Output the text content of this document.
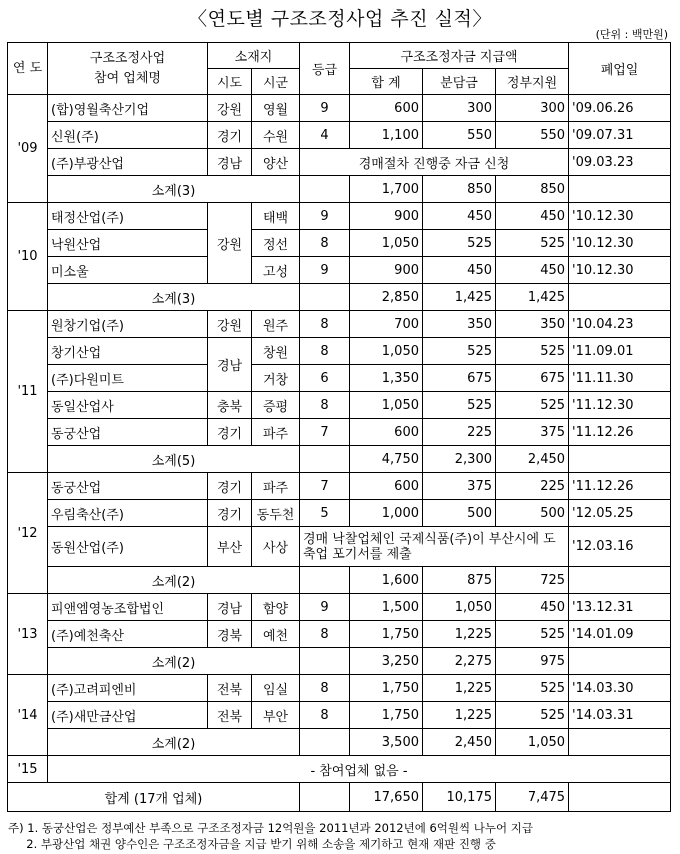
〈연도별 구조조정사업 추진 실적〉
(단위 : 백만원)
연 도	구조조정사업
참여 업체명	소재지		등급	구조조정자금 지급액			폐업일
		시도	시군		합 계	분담금	정부지원	
'09	(합)영월축산기업	강원	영월	9	600	300	300	'09.06.26
	신원(주)	경기	수원	4	1,100	550	550	'09.07.31
	(주)부광산업	경남	양산	경매절차 진행중 자금 신청				'09.03.23
	소계(3)				1,700	850	850	
'10	태정산업(주)	강원	태백	9	900	450	450	'10.12.30
	낙원산업		정선	8	1,050	525	525	'10.12.30
	미소울		고성	9	900	450	450	'10.12.30
	소계(3)				2,850	1,425	1,425	
'11	원창기업(주)	강원	원주	8	700	350	350	'10.04.23
	창기산업	경남	창원	8	1,050	525	525	'11.09.01
	(주)다원미트		거창	6	1,350	675	675	'11.11.30
	동일산업사	충북	증평	8	1,050	525	525	'11.12.30
	동궁산업	경기	파주	7	600	225	375	'11.12.26
	소계(5)				4,750	2,300	2,450	
'12	동궁산업	경기	파주	7	600	375	225	'11.12.26
	우림축산(주)	경기	동두천	5	1,000	500	500	'12.05.25
	동원산업(주)	부산	사상	경매 낙찰업체인 국제식품(주)이 부산시에 도축업 포기서를 제출				'12.03.16
	소계(2)				1,600	875	725	
'13	피앤엠영농조합법인	경남	함양	9	1,500	1,050	450	'13.12.31
	(주)예천축산	경북	예천	8	1,750	1,225	525	'14.01.09
	소계(2)				3,250	2,275	975	
'14	(주)고려피엔비	전북	임실	8	1,750	1,225	525	'14.03.30
	(주)새만금산업	전북	부안	8	1,750	1,225	525	'14.03.31
	소계(2)				3,500	2,450	1,050	
'15	- 참여업체 없음 -							
합계 (17개 업체)					17,650	10,175	7,475	
주) 1. 동궁산업은 정부예산 부족으로 구조조정자금 12억원을 2011년과 2012년에 6억원씩 나누어 지급
2. 부광산업 채권 양수인은 구조조정자금을 지급 받기 위해 소송을 제기하고 현재 재판 진행 중
